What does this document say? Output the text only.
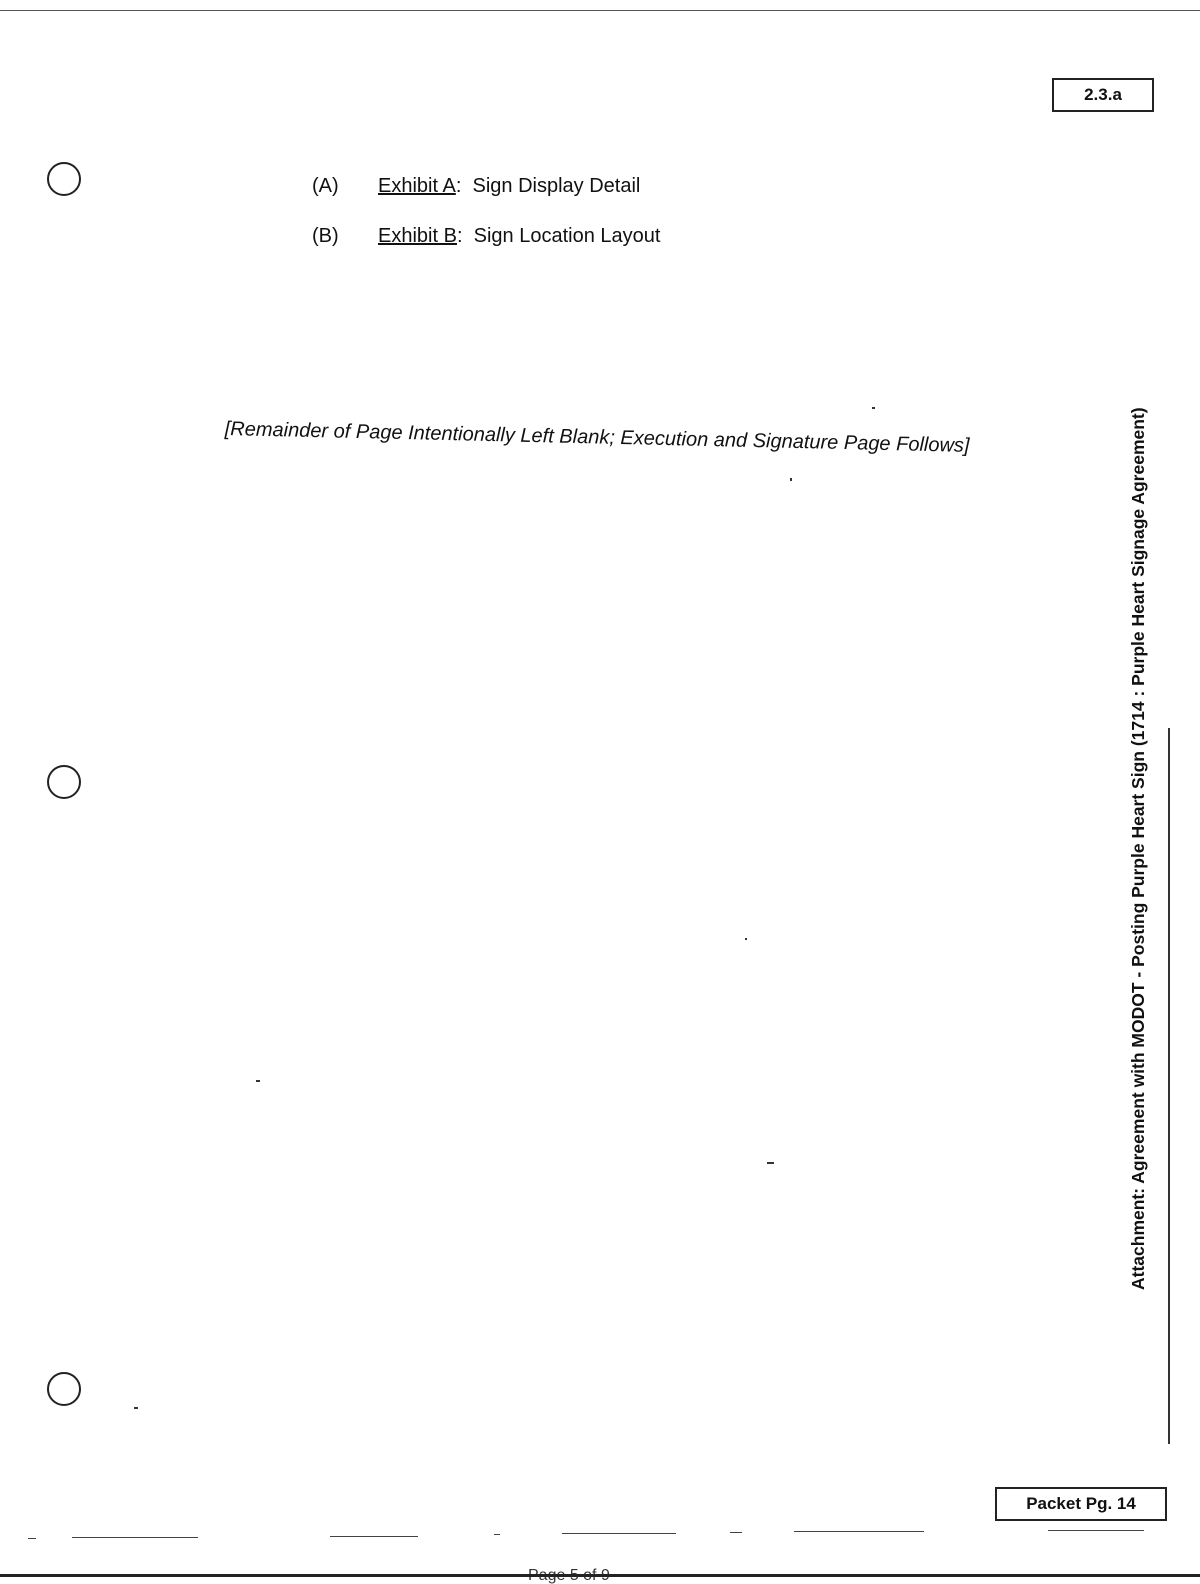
2.3.a
(A) Exhibit A:  Sign Display Detail
(B) Exhibit B:  Sign Location Layout
[Remainder of Page Intentionally Left Blank; Execution and Signature Page Follows]	Attachment: Agreement with MODOT - Posting Purple Heart Sign (1714 : Purple Heart Signage Agreement)
Packet Pg. 14
